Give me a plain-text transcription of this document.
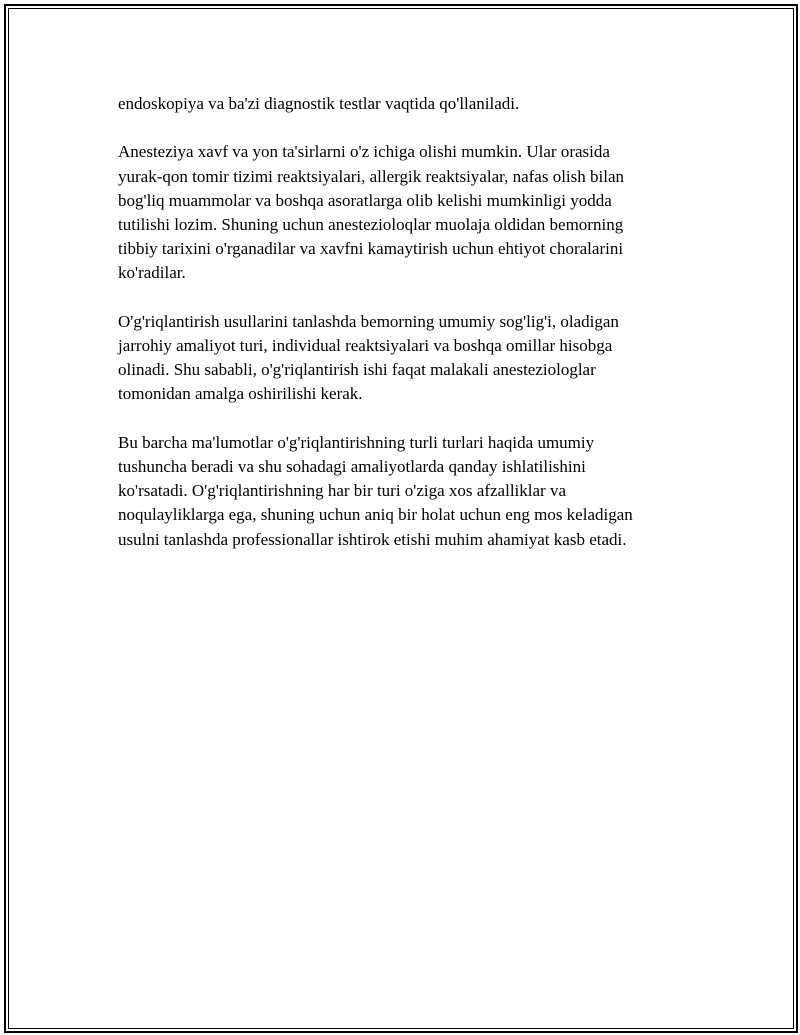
endoskopiya va ba'zi diagnostik testlar vaqtida qo'llaniladi.

Anesteziya xavf va yon ta'sirlarni o'z ichiga olishi mumkin. Ular orasida
yurak-qon tomir tizimi reaktsiyalari, allergik reaktsiyalar, nafas olish bilan
bog'liq muammolar va boshqa asoratlarga olib kelishi mumkinligi yodda
tutilishi lozim. Shuning uchun anestezioloqlar muolaja oldidan bemorning
tibbiy tarixini o'rganadilar va xavfni kamaytirish uchun ehtiyot choralarini
ko'radilar.

O'g'riqlantirish usullarini tanlashda bemorning umumiy sog'lig'i, oladigan
jarrohiy amaliyot turi, individual reaktsiyalari va boshqa omillar hisobga
olinadi. Shu sababli, o'g'riqlantirish ishi faqat malakali anesteziologlar
tomonidan amalga oshirilishi kerak.

Bu barcha ma'lumotlar o'g'riqlantirishning turli turlari haqida umumiy
tushuncha beradi va shu sohadagi amaliyotlarda qanday ishlatilishini
ko'rsatadi. O'g'riqlantirishning har bir turi o'ziga xos afzalliklar va
noqulayliklarga ega, shuning uchun aniq bir holat uchun eng mos keladigan
usulni tanlashda professionallar ishtirok etishi muhim ahamiyat kasb etadi.
